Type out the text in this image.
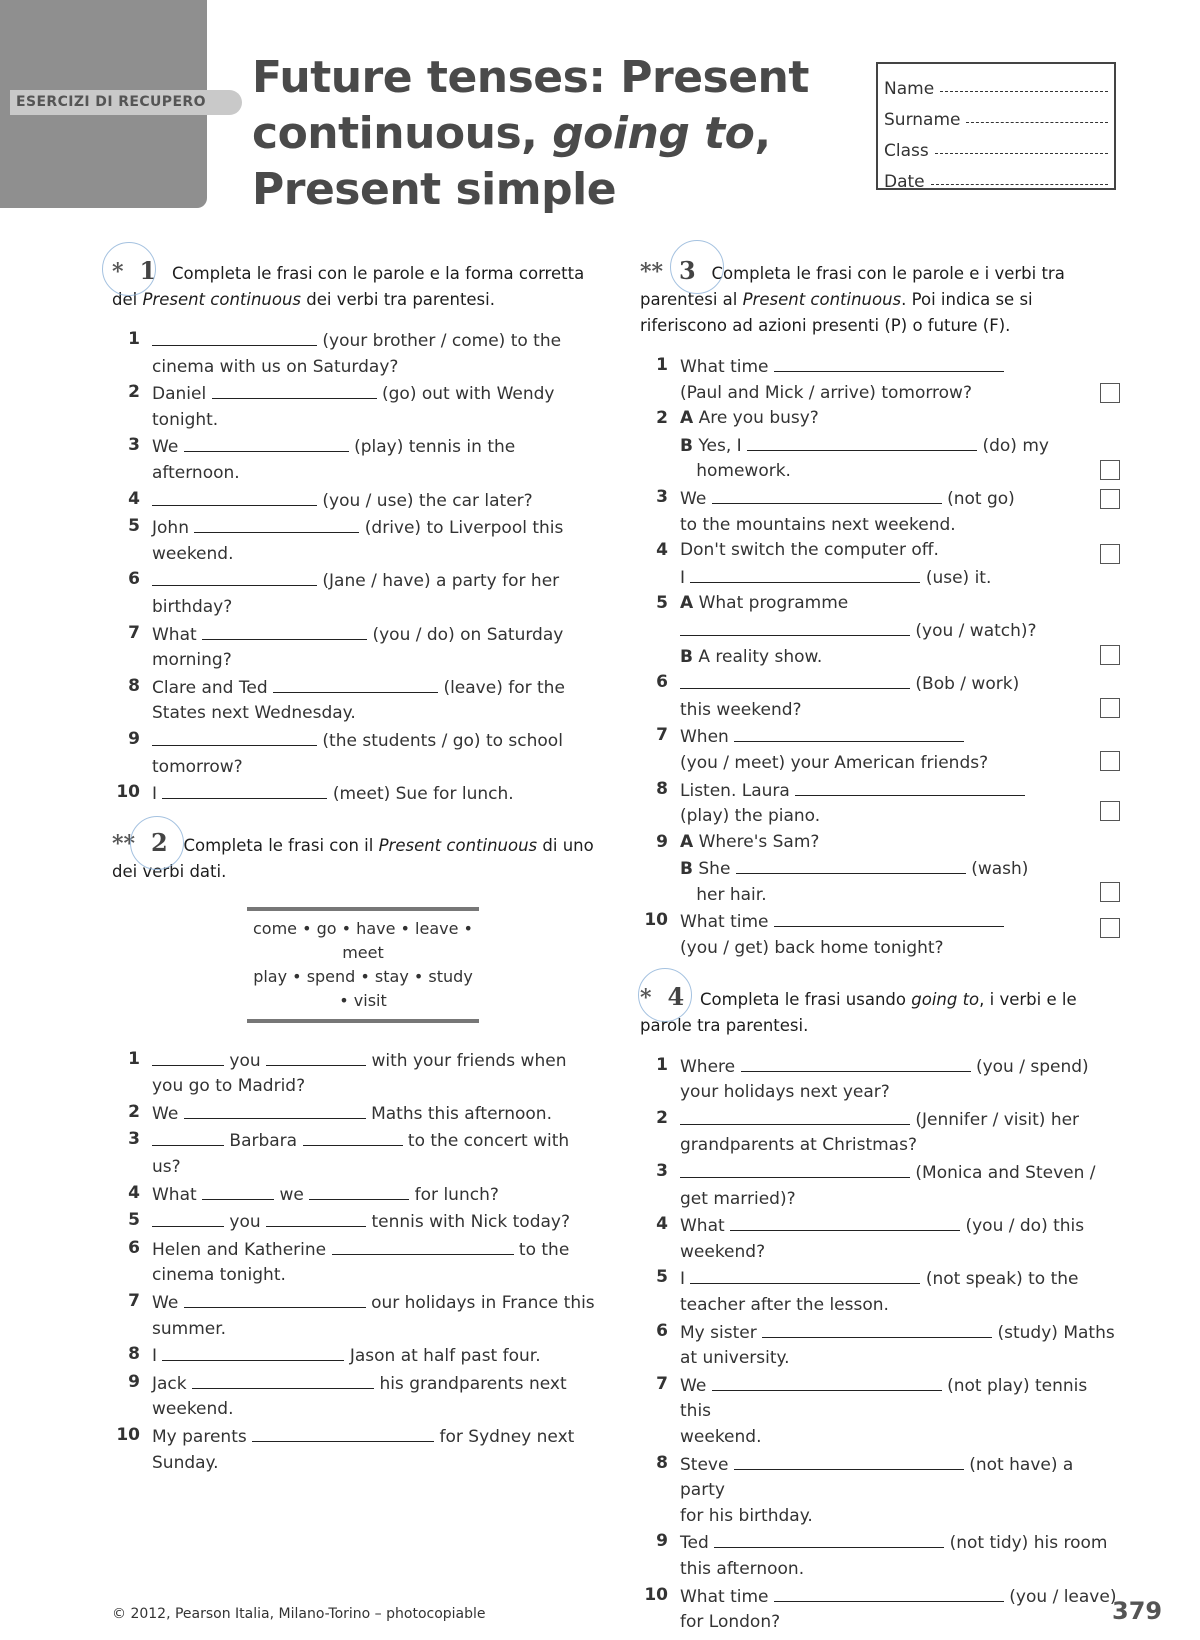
ESERCIZI DI RECUPERO	Future tenses: Present
continuous, going to,
Present simple
Name
Surname
Class
Date
* 1 Completa le frasi con le parole e la forma corretta del Present continuous dei verbi tra parentesi.
1	(your brother / come) to the cinema with us on Saturday?
2 Daniel	(go) out with Wendy tonight.
3 We	(play) tennis in the afternoon.
4	(you / use) the car later?
5 John	(drive) to Liverpool this weekend.
6	(Jane / have) a party for her birthday?
7 What	(you / do) on Saturday morning?
8 Clare and Ted	(leave) for the States next Wednesday.
9	(the students / go) to school tomorrow?
10 I	(meet) Sue for lunch.
** 2 Completa le frasi con il Present continuous di uno dei verbi dati.
come • go • have • leave • meet
play • spend • stay • study • visit
1	you	with your friends when you go to Madrid?
2 We	Maths this afternoon.
3	Barbara	to the concert with us?
4 What	we	for lunch?
5	you	tennis with Nick today?
6 Helen and Katherine	to the cinema tonight.
7 We	our holidays in France this summer.
8 I	Jason at half past four.
9 Jack	his grandparents next weekend.
10 My parents	for Sydney next Sunday.
** 3 Completa le frasi con le parole e i verbi tra parentesi al Present continuous. Poi indica se si riferiscono ad azioni presenti (P) o future (F).
1 What time
(Paul and Mick / arrive) tomorrow?
2 A Are you busy?
B Yes, I	(do) my
homework.
3 We	(not go)
to the mountains next weekend.
4 Don't switch the computer off.
I	(use) it.
5 A What programme
(you / watch)?
B A reality show.
6	(Bob / work)
this weekend?
7 When
(you / meet) your American friends?
8 Listen. Laura
(play) the piano.
9 A Where's Sam?
B She	(wash)
her hair.
10 What time
(you / get) back home tonight?
* 4 Completa le frasi usando going to, i verbi e le parole tra parentesi.
1 Where	(you / spend)
your holidays next year?
2	(Jennifer / visit) her
grandparents at Christmas?
3	(Monica and Steven /
get married)?
4 What	(you / do) this
weekend?
5 I	(not speak) to the
teacher after the lesson.
6 My sister	(study) Maths
at university.
7 We	(not play) tennis this
weekend.
8 Steve	(not have) a party
for his birthday.
9 Ted	(not tidy) his room
this afternoon.
10 What time	(you / leave)
for London?
© 2012, Pearson Italia, Milano-Torino – photocopiable	379
